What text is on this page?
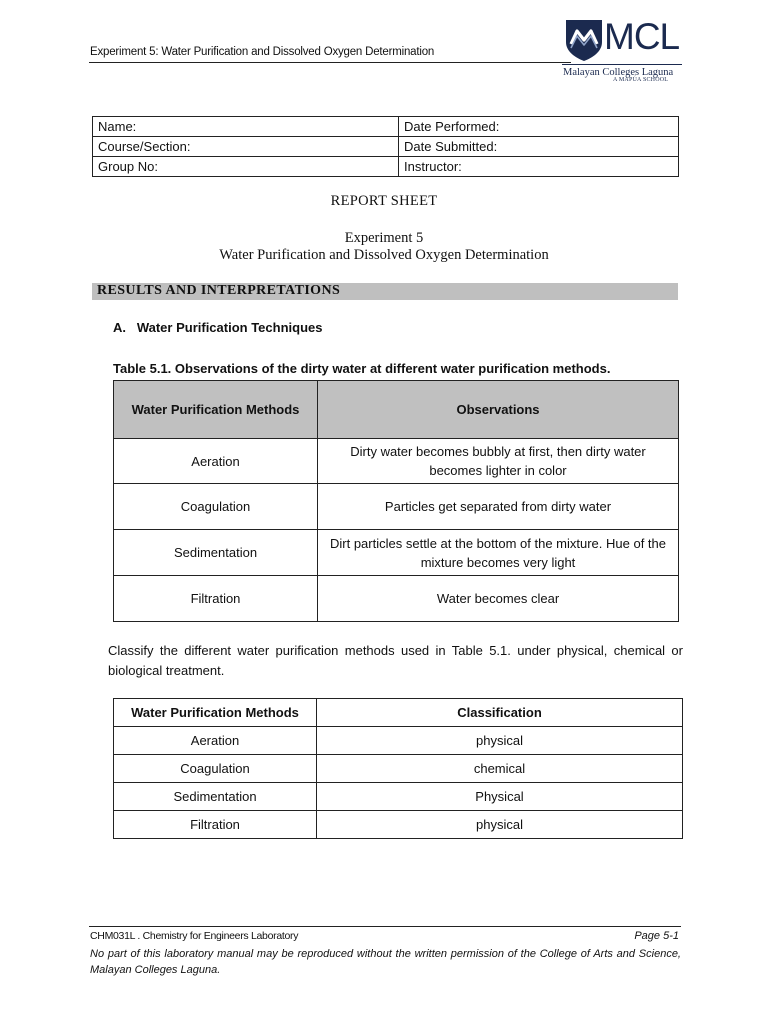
Experiment 5: Water Purification and Dissolved Oxygen Determination	MCL
Malayan Colleges Laguna
A MAPÚA SCHOOL
Name:	Date Performed:
Course/Section:	Date Submitted:
Group No:	Instructor:
REPORT SHEET
Experiment 5
Water Purification and Dissolved Oxygen Determination
RESULTS AND INTERPRETATIONS
A.   Water Purification Techniques
Table 5.1. Observations of the dirty water at different water purification methods.
Water Purification Methods	Observations
Aeration	Dirty water becomes bubbly at first, then dirty water becomes lighter in color
Coagulation	Particles get separated from dirty water
Sedimentation	Dirt particles settle at the bottom of the mixture. Hue of the mixture becomes very light
Filtration	Water becomes clear
Classify the different water purification methods used in Table 5.1. under physical, chemical or biological treatment.
Water Purification Methods	Classification
Aeration	physical
Coagulation	chemical
Sedimentation	Physical
Filtration	physical
CHM031L . Chemistry for Engineers Laboratory	Page 5-1
No part of this laboratory manual may be reproduced without the written permission of the College of Arts and Science, Malayan Colleges Laguna.
